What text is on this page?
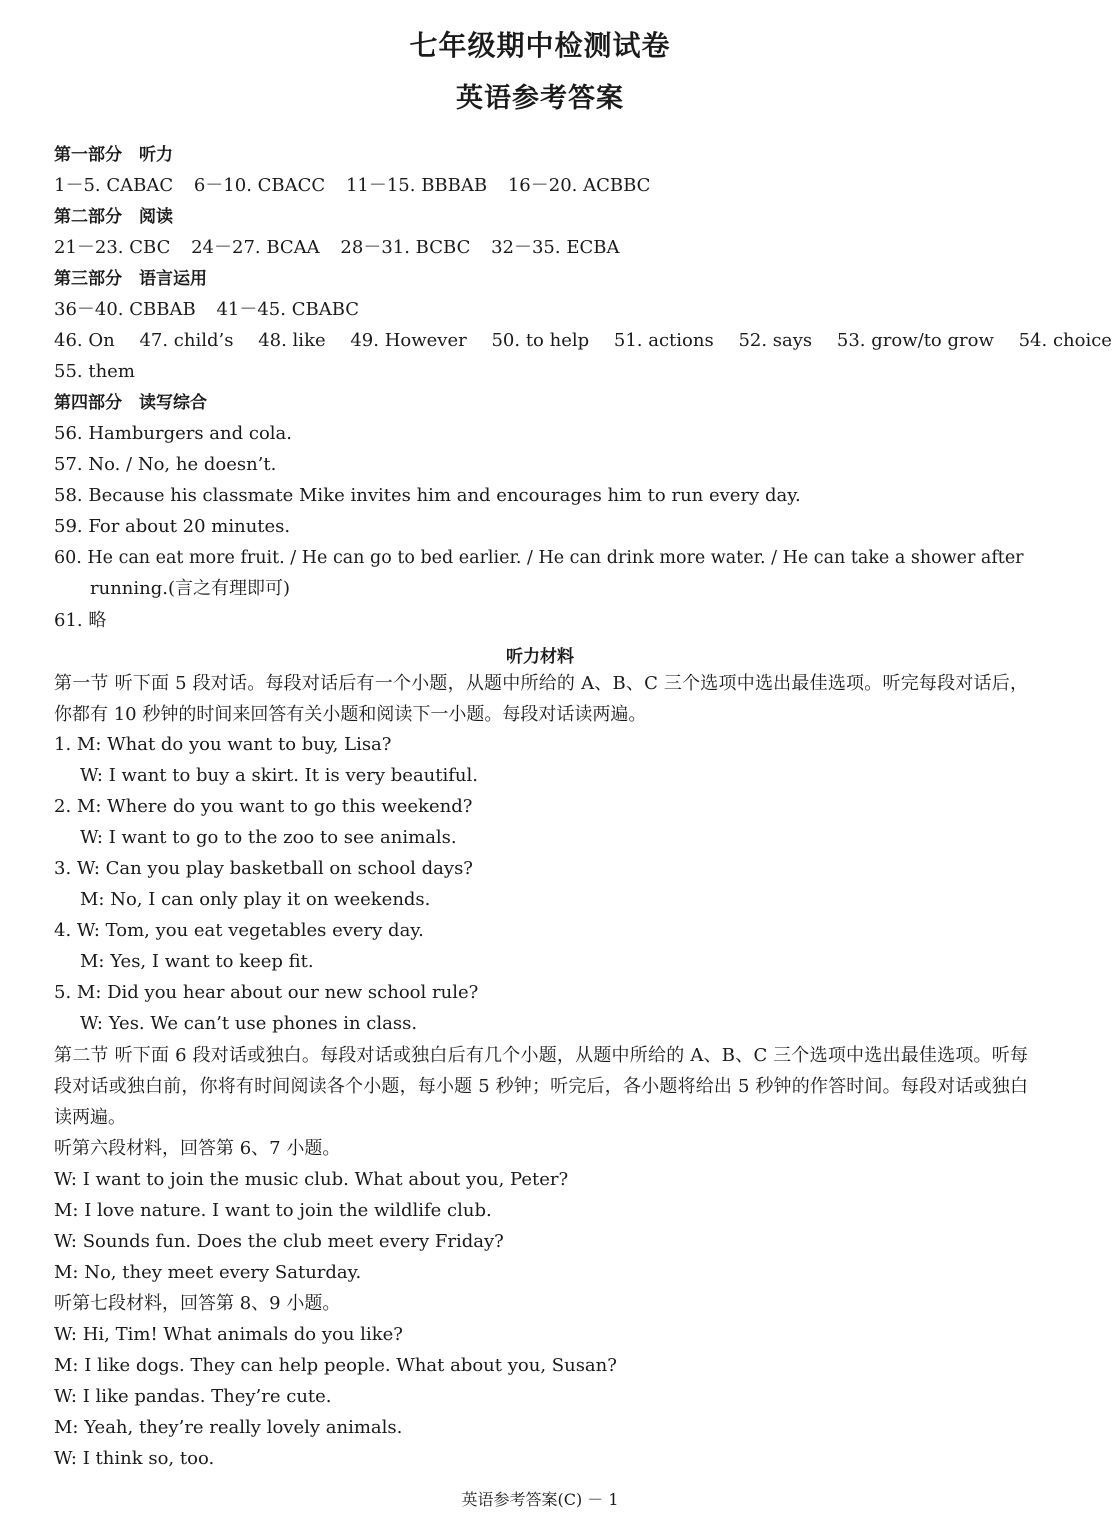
七年级期中检测试卷
英语参考答案
第一部分　听力
1－5. CABAC 6－10. CBACC 11－15. BBBAB 16－20. ACBBC
第二部分　阅读
21－23. CBC 24－27. BCAA 28－31. BCBC 32－35. ECBA
第三部分　语言运用
36－40. CBBAB 41－45. CBABC
46. On 47. child’s 48. like 49. However 50. to help 51. actions 52. says 53. grow/to grow 54. choice
55. them
第四部分　读写综合
56. Hamburgers and cola.
57. No. / No, he doesn’t.
58. Because his classmate Mike invites him and encourages him to run every day.
59. For about 20 minutes.
60. He can eat more fruit. / He can go to bed earlier. / He can drink more water. / He can take a shower after
running.(言之有理即可)
61. 略
听力材料
第一节 听下面 5 段对话。每段对话后有一个小题，从题中所给的 A、B、C 三个选项中选出最佳选项。听完每段对话后，你都有 10 秒钟的时间来回答有关小题和阅读下一小题。每段对话读两遍。
1. M: What do you want to buy, Lisa?
W: I want to buy a skirt. It is very beautiful.
2. M: Where do you want to go this weekend?
W: I want to go to the zoo to see animals.
3. W: Can you play basketball on school days?
M: No, I can only play it on weekends.
4. W: Tom, you eat vegetables every day.
M: Yes, I want to keep fit.
5. M: Did you hear about our new school rule?
W: Yes. We can’t use phones in class.
第二节 听下面 6 段对话或独白。每段对话或独白后有几个小题，从题中所给的 A、B、C 三个选项中选出最佳选项。听每段对话或独白前，你将有时间阅读各个小题，每小题 5 秒钟；听完后，各小题将给出 5 秒钟的作答时间。每段对话或独白读两遍。
听第六段材料，回答第 6、7 小题。
W: I want to join the music club. What about you, Peter?
M: I love nature. I want to join the wildlife club.
W: Sounds fun. Does the club meet every Friday?
M: No, they meet every Saturday.
听第七段材料，回答第 8、9 小题。
W: Hi, Tim! What animals do you like?
M: I like dogs. They can help people. What about you, Susan?
W: I like pandas. They’re cute.
M: Yeah, they’re really lovely animals.
W: I think so, too.
英语参考答案(C) － 1
